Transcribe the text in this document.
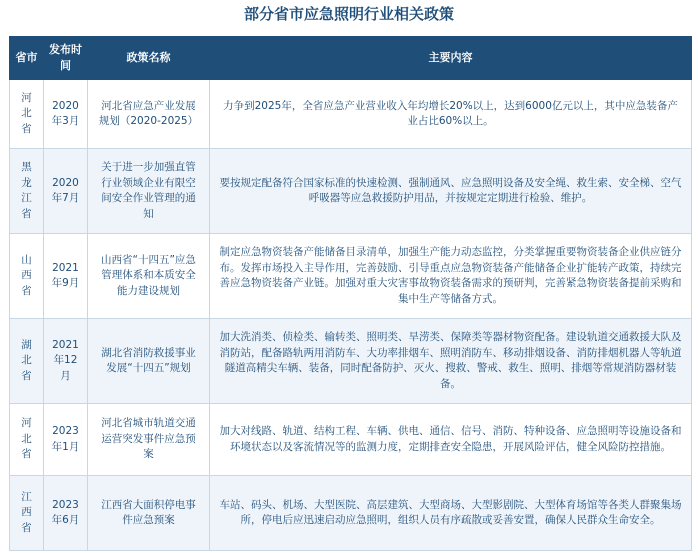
部分省市应急照明行业相关政策
省市	发布时间	政策名称	主要内容
河北省	2020年3月	河北省应急产业发展规划（2020-2025）	力争到2025年，全省应急产业营业收入年均增长20%以上，达到6000亿元以上，其中应急装备产业占比60%以上。
黑龙江省	2020年7月	关于进一步加强直管行业领域企业有限空间安全作业管理的通知	要按规定配备符合国家标准的快速检测、强制通风、应急照明设备及安全绳、救生索、安全梯、空气呼吸器等应急救援防护用品，并按规定定期进行检验、维护。
山西省	2021年9月	山西省“十四五”应急管理体系和本质安全能力建设规划	制定应急物资装备产能储备目录清单，加强生产能力动态监控，分类掌握重要物资装备企业供应链分布。发挥市场投入主导作用，完善鼓励、引导重点应急物资装备产能储备企业扩能转产政策，持续完善应急物资装备产业链。加强对重大灾害事故物资装备需求的预研判，完善紧急物资装备提前采购和集中生产等储备方式。
湖北省	2021年12月	湖北省消防救援事业发展“十四五”规划	加大洗消类、侦检类、输转类、照明类、旱涝类、保障类等器材物资配备。建设轨道交通救援大队及消防站，配备路轨两用消防车、大功率排烟车、照明消防车、移动排烟设备、消防排烟机器人等轨道隧道高精尖车辆、装备，同时配备防护、灭火、搜救、警戒、救生、照明、排烟等常规消防器材装备。
河北省	2023年1月	河北省城市轨道交通运营突发事件应急预案	加大对线路、轨道、结构工程、车辆、供电、通信、信号、消防、特种设备、应急照明等设施设备和环境状态以及客流情况等的监测力度，定期排查安全隐患，开展风险评估，健全风险防控措施。
江西省	2023年6月	江西省大面积停电事件应急预案	车站、码头、机场、大型医院、高层建筑、大型商场、大型影剧院、大型体育场馆等各类人群聚集场所，停电后应迅速启动应急照明，组织人员有序疏散或妥善安置，确保人民群众生命安全。
